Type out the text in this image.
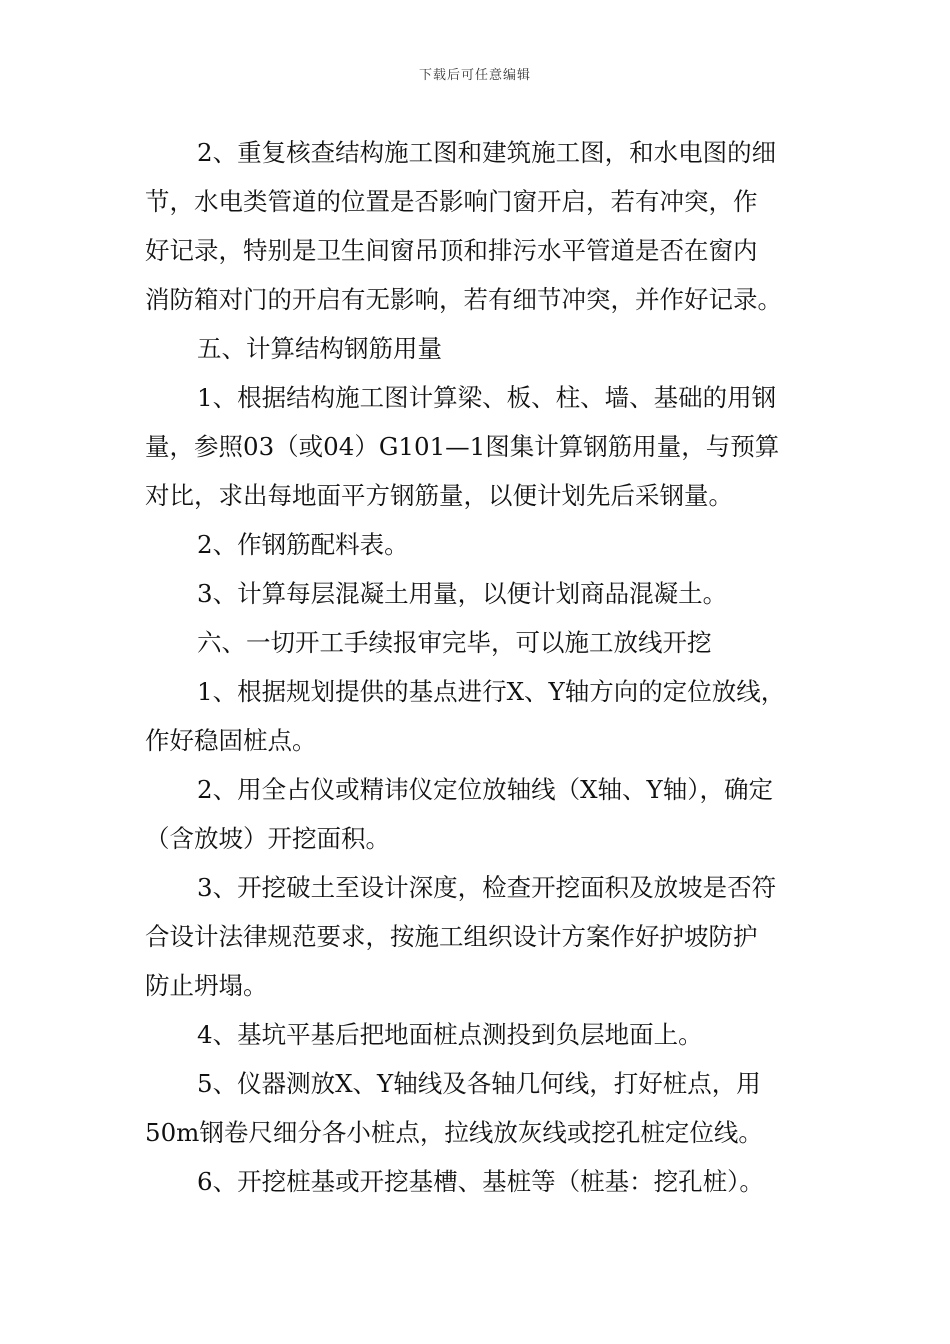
下载后可任意编辑

2、重复核查结构施工图和建筑施工图，和水电图的细
节，水电类管道的位置是否影响门窗开启，若有冲突，作
好记录，特别是卫生间窗吊顶和排污水平管道是否在窗内
消防箱对门的开启有无影响，若有细节冲突，并作好记录。

五、计算结构钢筋用量

1、根据结构施工图计算梁、板、柱、墙、基础的用钢
量，参照03（或04）G101—1图集计算钢筋用量，与预算
对比，求出每地面平方钢筋量，以便计划先后采钢量。

2、作钢筋配料表。

3、计算每层混凝土用量，以便计划商品混凝土。

六、一切开工手续报审完毕，可以施工放线开挖

1、根据规划提供的基点进行X、Y轴方向的定位放线，
作好稳固桩点。

2、用全占仪或精讳仪定位放轴线（X轴、Y轴），确定
（含放坡）开挖面积。

3、开挖破土至设计深度，检查开挖面积及放坡是否符
合设计法律规范要求，按施工组织设计方案作好护坡防护
防止坍塌。

4、基坑平基后把地面桩点测投到负层地面上。

5、仪器测放X、Y轴线及各轴几何线，打好桩点，用
50m钢卷尺细分各小桩点，拉线放灰线或挖孔桩定位线。

6、开挖桩基或开挖基槽、基桩等（桩基：挖孔桩）。
